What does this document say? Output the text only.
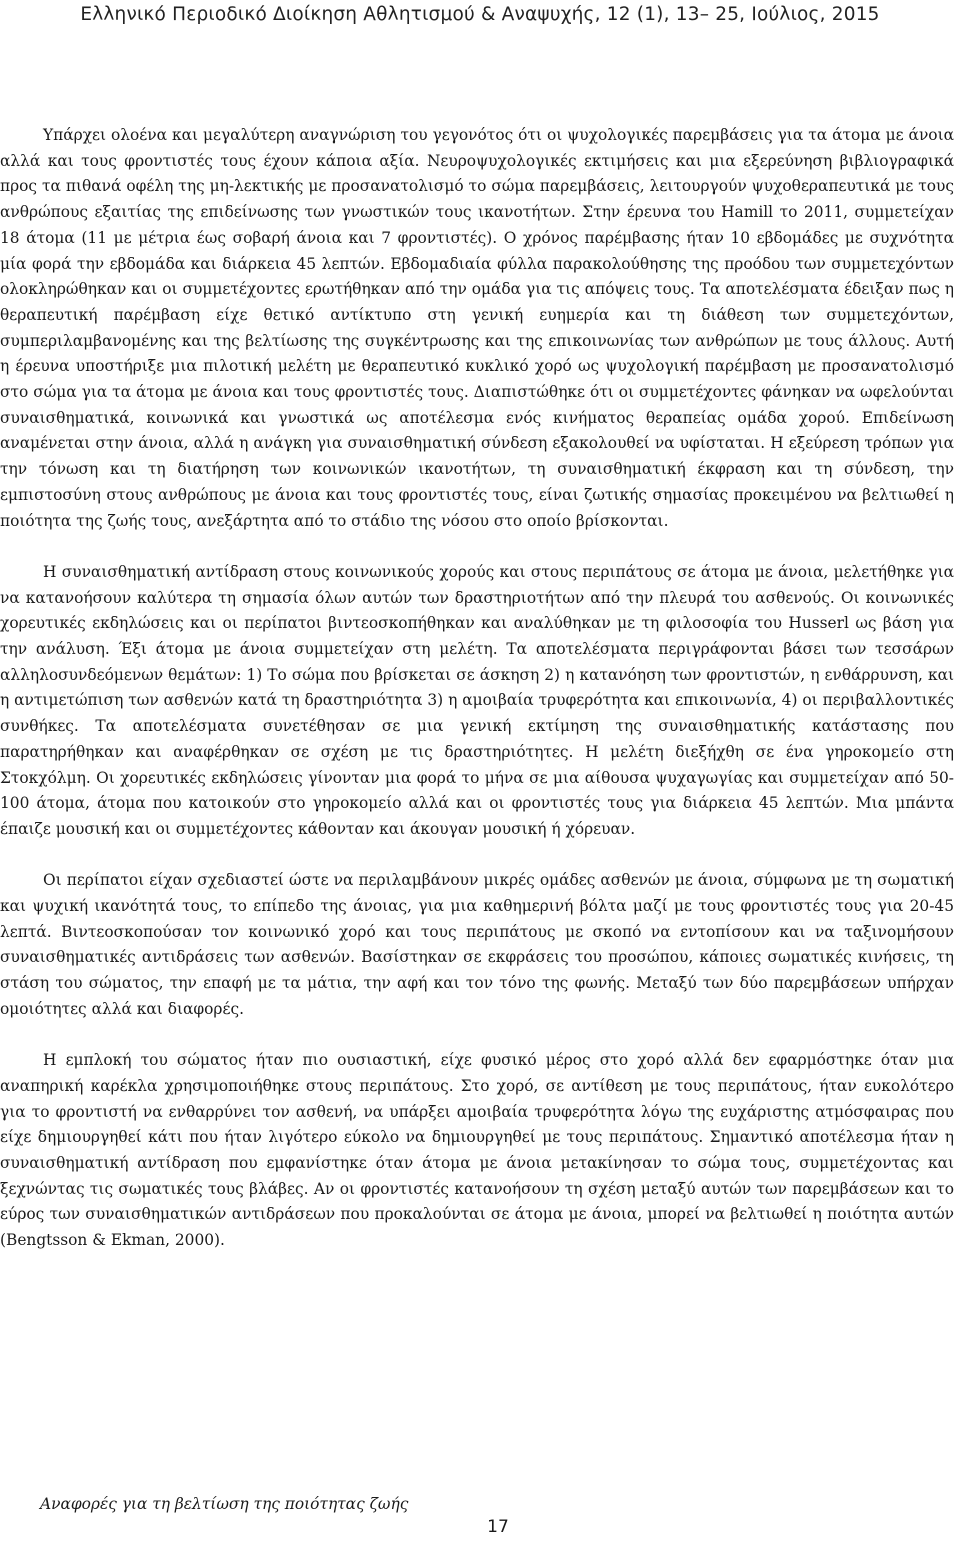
Ελληνικό Περιοδικό Διοίκηση Αθλητισμού & Αναψυχής, 12 (1), 13– 25, Ιούλιος, 2015

Υπάρχει ολοένα και μεγαλύτερη αναγνώριση του γεγονότος ότι οι ψυχολογικές παρεμβάσεις για τα άτομα με άνοια αλλά και τους φροντιστές τους έχουν κάποια αξία. Νευροψυχολογικές εκτιμήσεις και μια εξερεύνηση βιβλιογραφικά προς τα πιθανά οφέλη της μη-λεκτικής με προσανατολισμό το σώμα παρεμβάσεις, λειτουργούν ψυχοθεραπευτικά με τους ανθρώπους εξαιτίας της επιδείνωσης των γνωστικών τους ικανοτήτων. Στην έρευνα του Hamill το 2011, συμμετείχαν 18 άτομα (11 με μέτρια έως σοβαρή άνοια και 7 φροντιστές). Ο χρόνος παρέμβασης ήταν 10 εβδομάδες με συχνότητα μία φορά την εβδομάδα και διάρκεια 45 λεπτών. Εβδομαδιαία φύλλα παρακολούθησης της προόδου των συμμετεχόντων ολοκληρώθηκαν και οι συμμετέχοντες ερωτήθηκαν από την ομάδα για τις απόψεις τους. Τα αποτελέσματα έδειξαν πως η θεραπευτική παρέμβαση είχε θετικό αντίκτυπο στη γενική ευημερία και τη διάθεση των συμμετεχόντων, συμπεριλαμβανομένης και της βελτίωσης της συγκέντρωσης και της επικοινωνίας των ανθρώπων με τους άλλους. Αυτή η έρευνα υποστήριξε μια πιλοτική μελέτη με θεραπευτικό κυκλικό χορό ως ψυχολογική παρέμβαση με προσανατολισμό στο σώμα για τα άτομα με άνοια και τους φροντιστές τους. Διαπιστώθηκε ότι οι συμμετέχοντες φάνηκαν να ωφελούνται συναισθηματικά, κοινωνικά και γνωστικά ως αποτέλεσμα ενός κινήματος θεραπείας ομάδα χορού. Επιδείνωση αναμένεται στην άνοια, αλλά η ανάγκη για συναισθηματική σύνδεση εξακολουθεί να υφίσταται. Η εξεύρεση τρόπων για την τόνωση και τη διατήρηση των κοινωνικών ικανοτήτων, τη συναισθηματική έκφραση και τη σύνδεση, την εμπιστοσύνη στους ανθρώπους με άνοια και τους φροντιστές τους, είναι ζωτικής σημασίας προκειμένου να βελτιωθεί η ποιότητα της ζωής τους, ανεξάρτητα από το στάδιο της νόσου στο οποίο βρίσκονται.

Η συναισθηματική αντίδραση στους κοινωνικούς χορούς και στους περιπάτους σε άτομα με άνοια, μελετήθηκε για να κατανοήσουν καλύτερα τη σημασία όλων αυτών των δραστηριοτήτων από την πλευρά του ασθενούς. Οι κοινωνικές χορευτικές εκδηλώσεις και οι περίπατοι βιντεοσκοπήθηκαν και αναλύθηκαν με τη φιλοσοφία του Husserl ως βάση για την ανάλυση. Έξι άτομα με άνοια συμμετείχαν στη μελέτη. Τα αποτελέσματα περιγράφονται βάσει των τεσσάρων αλληλοσυνδεόμενων θεμάτων: 1) Το σώμα που βρίσκεται σε άσκηση 2) η κατανόηση των φροντιστών, η ενθάρρυνση, και η αντιμετώπιση των ασθενών κατά τη δραστηριότητα 3) η αμοιβαία τρυφερότητα και επικοινωνία, 4) οι περιβαλλοντικές συνθήκες. Τα αποτελέσματα συνετέθησαν σε μια γενική εκτίμηση της συναισθηματικής κατάστασης που παρατηρήθηκαν και αναφέρθηκαν σε σχέση με τις δραστηριότητες. Η μελέτη διεξήχθη σε ένα γηροκομείο στη Στοκχόλμη. Οι χορευτικές εκδηλώσεις γίνονταν μια φορά το μήνα σε μια αίθουσα ψυχαγωγίας και συμμετείχαν από 50-100 άτομα, άτομα που κατοικούν στο γηροκομείο αλλά και οι φροντιστές τους για διάρκεια 45 λεπτών. Μια μπάντα έπαιζε μουσική και οι συμμετέχοντες κάθονταν και άκουγαν μουσική ή χόρευαν.

Οι περίπατοι είχαν σχεδιαστεί ώστε να περιλαμβάνουν μικρές ομάδες ασθενών με άνοια, σύμφωνα με τη σωματική και ψυχική ικανότητά τους, το επίπεδο της άνοιας, για μια καθημερινή βόλτα μαζί με τους φροντιστές τους για 20-45 λεπτά. Βιντεοσκοπούσαν τον κοινωνικό χορό και τους περιπάτους με σκοπό να εντοπίσουν και να ταξινομήσουν συναισθηματικές αντιδράσεις των ασθενών. Βασίστηκαν σε εκφράσεις του προσώπου, κάποιες σωματικές κινήσεις, τη στάση του σώματος, την επαφή με τα μάτια, την αφή και τον τόνο της φωνής. Μεταξύ των δύο παρεμβάσεων υπήρχαν ομοιότητες αλλά και διαφορές.

Η εμπλοκή του σώματος ήταν πιο ουσιαστική, είχε φυσικό μέρος στο χορό αλλά δεν εφαρμόστηκε όταν μια αναπηρική καρέκλα χρησιμοποιήθηκε στους περιπάτους. Στο χορό, σε αντίθεση με τους περιπάτους, ήταν ευκολότερο για το φροντιστή να ενθαρρύνει τον ασθενή, να υπάρξει αμοιβαία τρυφερότητα λόγω της ευχάριστης ατμόσφαιρας που είχε δημιουργηθεί κάτι που ήταν λιγότερο εύκολο να δημιουργηθεί με τους περιπάτους. Σημαντικό αποτέλεσμα ήταν η συναισθηματική αντίδραση που εμφανίστηκε όταν άτομα με άνοια μετακίνησαν το σώμα τους, συμμετέχοντας και ξεχνώντας τις σωματικές τους βλάβες. Αν οι φροντιστές κατανοήσουν τη σχέση μεταξύ αυτών των παρεμβάσεων και το εύρος των συναισθηματικών αντιδράσεων που προκαλούνται σε άτομα με άνοια, μπορεί να βελτιωθεί η ποιότητα αυτών (Bengtsson & Ekman, 2000).

Αναφορές για τη βελτίωση της ποιότητας ζωής
17
